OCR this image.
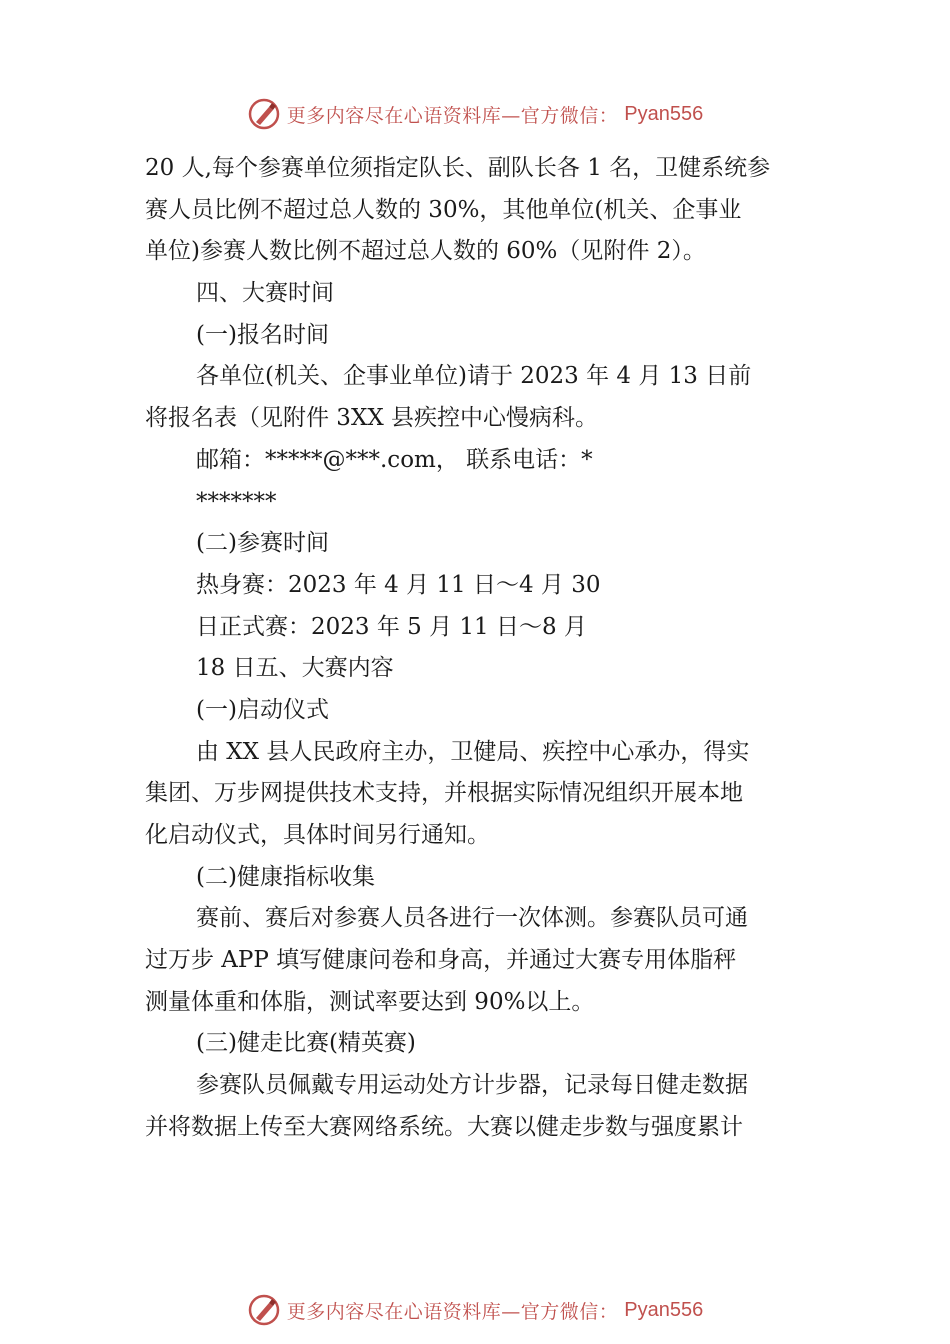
更多内容尽在心语资料库—官方微信： Pyan556
20 人,每个参赛单位须指定队长、副队长各 1 名，卫健系统参
赛人员比例不超过总人数的 30%，其他单位(机关、企事业
单位)参赛人数比例不超过总人数的 60%（见附件 2）。
四、大赛时间
(一)报名时间
各单位(机关、企事业单位)请于 2023 年 4 月 13 日前
将报名表（见附件 3XX 县疾控中心慢病科。
邮箱：*****@***.com， 联系电话：*
*******
(二)参赛时间
热身赛：2023 年 4 月 11 日～4 月 30
日正式赛：2023 年 5 月 11 日～8 月
18 日五、大赛内容
(一)启动仪式
由 XX 县人民政府主办，卫健局、疾控中心承办，得实
集团、万步网提供技术支持，并根据实际情况组织开展本地
化启动仪式，具体时间另行通知。
(二)健康指标收集
赛前、赛后对参赛人员各进行一次体测。参赛队员可通
过万步 APP 填写健康问卷和身高，并通过大赛专用体脂秤
测量体重和体脂，测试率要达到 90%以上。
(三)健走比赛(精英赛)
参赛队员佩戴专用运动处方计步器，记录每日健走数据
并将数据上传至大赛网络系统。大赛以健走步数与强度累计
更多内容尽在心语资料库—官方微信： Pyan556
